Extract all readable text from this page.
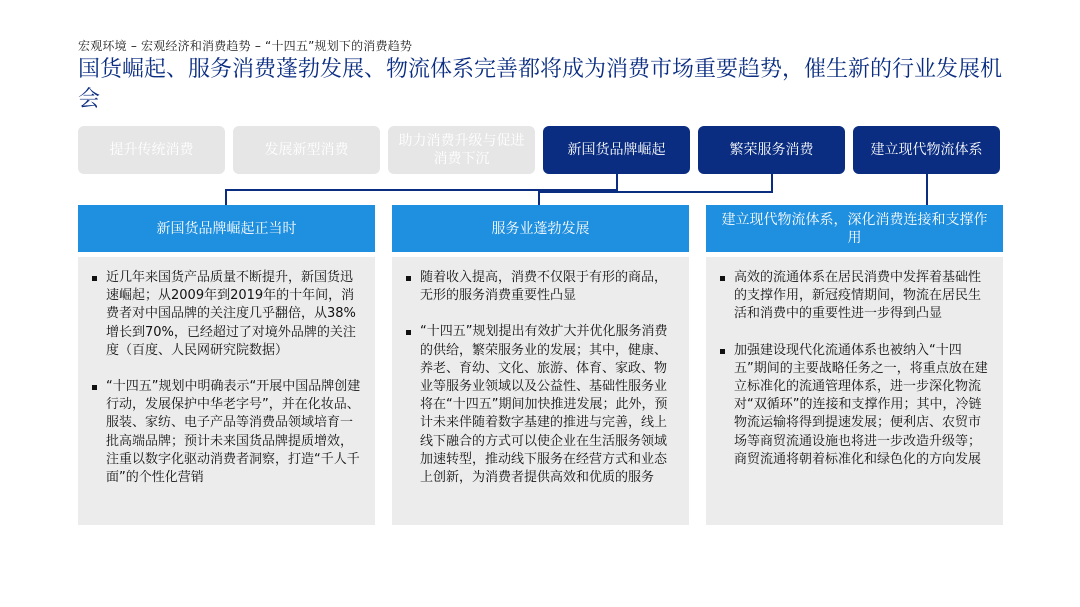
宏观环境 – 宏观经济和消费趋势 – “十四五”规划下的消费趋势
国货崛起、服务消费蓬勃发展、物流体系完善都将成为消费市场重要趋势，催生新的行业发展机会
提升传统消费	发展新型消费
助力消费升级与促进消费下沉
新国货品牌崛起	繁荣服务消费	建立现代物流体系
新国货品牌崛起正当时
近几年来国货产品质量不断提升，新国货迅速崛起；从2009年到2019年的十年间，消费者对中国品牌的关注度几乎翻倍，从38%增长到70%，已经超过了对境外品牌的关注度（百度、人民网研究院数据）
“十四五”规划中明确表示“开展中国品牌创建行动，发展保护中华老字号”，并在化妆品、服装、家纺、电子产品等消费品领域培育一批高端品牌；预计未来国货品牌提质增效，注重以数字化驱动消费者洞察，打造“千人千面”的个性化营销
服务业蓬勃发展
随着收入提高，消费不仅限于有形的商品，无形的服务消费重要性凸显
“十四五”规划提出有效扩大并优化服务消费的供给，繁荣服务业的发展；其中，健康、养老、育幼、文化、旅游、体育、家政、物业等服务业领域以及公益性、基础性服务业将在“十四五”期间加快推进发展；此外，预计未来伴随着数字基建的推进与完善，线上线下融合的方式可以使企业在生活服务领域加速转型，推动线下服务在经营方式和业态上创新，为消费者提供高效和优质的服务
建立现代物流体系，深化消费连接和支撑作用
高效的流通体系在居民消费中发挥着基础性的支撑作用，新冠疫情期间，物流在居民生活和消费中的重要性进一步得到凸显
加强建设现代化流通体系也被纳入“十四五”期间的主要战略任务之一，将重点放在建立标准化的流通管理体系，进一步深化物流对“双循环”的连接和支撑作用；其中，冷链物流运输将得到提速发展；便利店、农贸市场等商贸流通设施也将进一步改造升级等；商贸流通将朝着标准化和绿色化的方向发展
